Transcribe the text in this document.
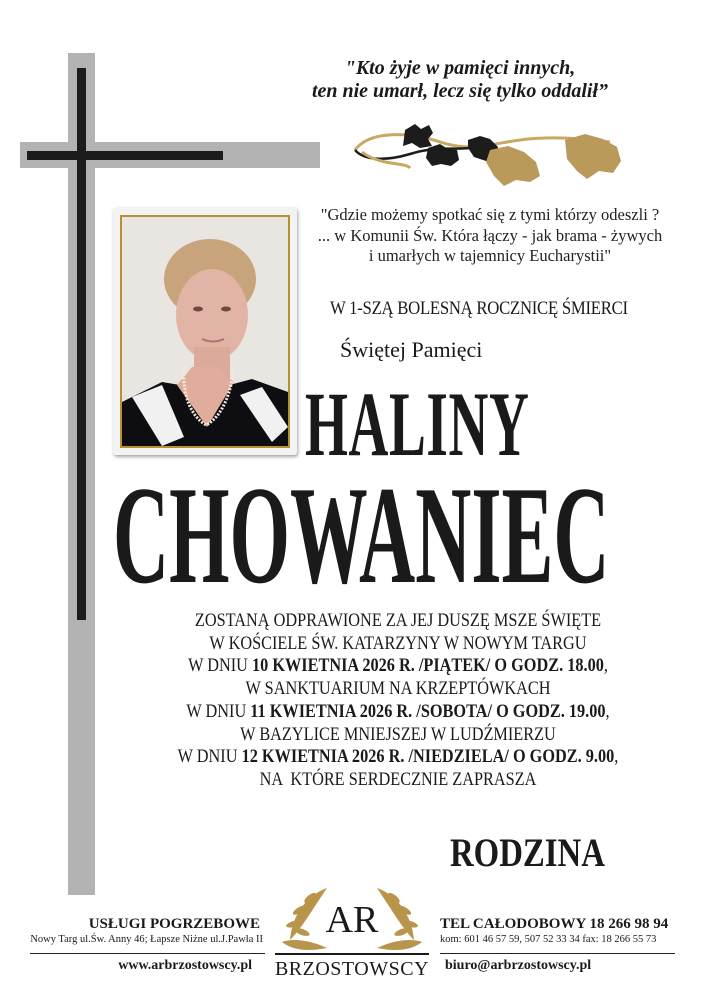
"Kto żyje w pamięci innych,
ten nie umarł, lecz się tylko oddalił”
"Gdzie możemy spotkać się z tymi którzy odeszli ?
... w Komunii Św. Która łączy - jak brama - żywych
i umarłych w tajemnicy Eucharystii"
W 1-SZĄ BOLESNĄ ROCZNICĘ ŚMIERCI
Świętej Pamięci
HALINY
CHOWANIEC
ZOSTANĄ ODPRAWIONE ZA JEJ DUSZĘ MSZE ŚWIĘTE
W KOŚCIELE ŚW. KATARZYNY W NOWYM TARGU
W DNIU 10 KWIETNIA 2026 R. /PIĄTEK/ O GODZ. 18.00,
W SANKTUARIUM NA KRZEPTÓWKACH
W DNIU 11 KWIETNIA 2026 R. /SOBOTA/ O GODZ. 19.00,
W BAZYLICE MNIEJSZEJ W LUDŹMIERZU
W DNIU 12 KWIETNIA 2026 R. /NIEDZIELA/ O GODZ. 9.00,
NA  KTÓRE SERDECZNIE ZAPRASZA
RODZINA
USŁUGI POGRZEBOWE
Nowy Targ ul.Św. Anny 46; Łapsze Niżne ul.J.Pawła II
www.arbrzostowscy.pl
AR
BRZOSTOWSCY
TEL CAŁODOBOWY 18 266 98 94
kom: 601 46 57 59, 507 52 33 34 fax: 18 266 55 73
biuro@arbrzostowscy.pl
